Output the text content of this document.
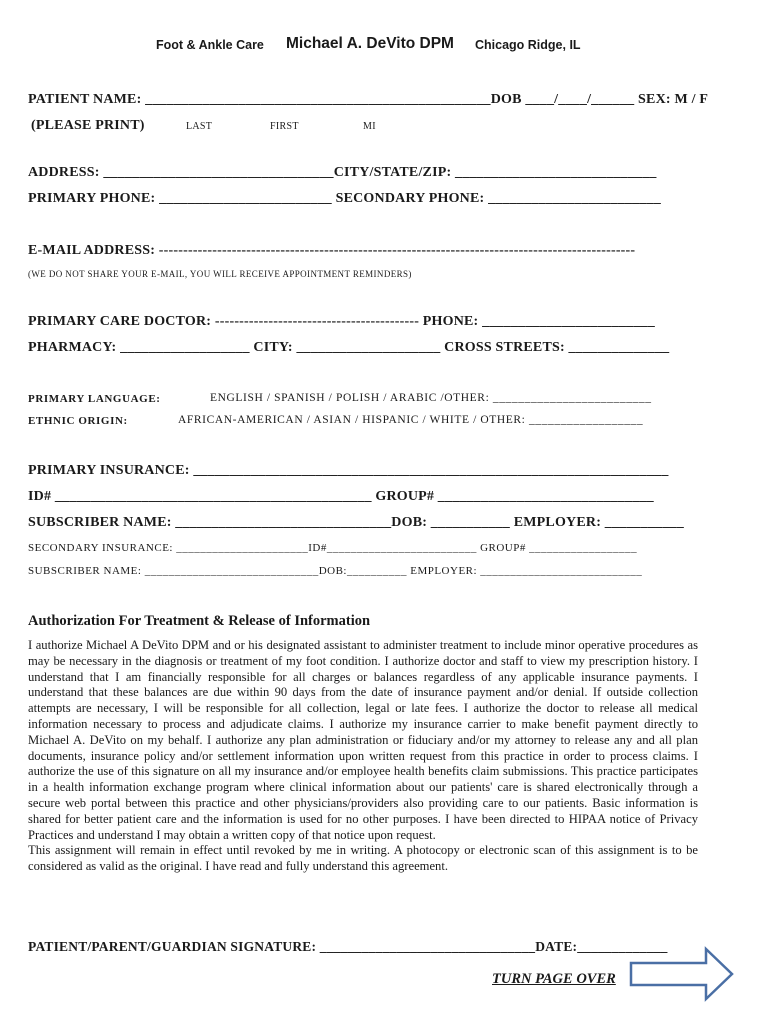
Foot & Ankle Care Michael A. DeVito DPM Chicago Ridge, IL
PATIENT NAME: ________________________________________________DOB ____/____/______ SEX: M / F
(PLEASE PRINT)	LAST	FIRST	MI
ADDRESS: ________________________________CITY/STATE/ZIP: ____________________________
PRIMARY PHONE: ________________________ SECONDARY PHONE: ________________________
E-MAIL ADDRESS: --------------------------------------------------------------------------------------------------
(WE DO NOT SHARE YOUR E-MAIL, YOU WILL RECEIVE APPOINTMENT REMINDERS)
PRIMARY CARE DOCTOR: ------------------------------------------ PHONE: ________________________
PHARMACY: __________________ CITY: ____________________ CROSS STREETS: ______________
PRIMARY LANGUAGE:	ENGLISH / SPANISH / POLISH / ARABIC /OTHER: _________________________
ETHNIC ORIGIN:	AFRICAN-AMERICAN / ASIAN / HISPANIC / WHITE / OTHER: __________________
PRIMARY INSURANCE: __________________________________________________________________
ID# ____________________________________________ GROUP# ______________________________
SUBSCRIBER NAME: ______________________________DOB: ___________ EMPLOYER: ___________
SECONDARY INSURANCE: ______________________ID#_________________________ GROUP# __________________
SUBSCRIBER NAME: _____________________________DOB:__________ EMPLOYER: ___________________________
Authorization For Treatment & Release of Information

I authorize Michael A DeVito DPM and or his designated assistant to administer treatment to include minor operative procedures as may be necessary in the diagnosis or treatment of my foot condition. I authorize doctor and staff to view my prescription history. I understand that I am financially responsible for all charges or balances regardless of any applicable insurance payments. I understand that these balances are due within 90 days from the date of insurance payment and/or denial. If outside collection attempts are necessary, I will be responsible for all collection, legal or late fees. I authorize the doctor to release all medical information necessary to process and adjudicate claims. I authorize my insurance carrier to make benefit payment directly to Michael A. DeVito on my behalf. I authorize any plan administration or fiduciary and/or my attorney to release any and all plan documents, insurance policy and/or settlement information upon written request from this practice in order to process claims. I authorize the use of this signature on all my insurance and/or employee health benefits claim submissions. This practice participates in a health information exchange program where clinical information about our patients' care is shared electronically through a secure web portal between this practice and other physicians/providers also providing care to our patients. Basic information is shared for better patient care and the information is used for no other purposes. I have been directed to HIPAA notice of Privacy Practices and understand I may obtain a written copy of that notice upon request.

This assignment will remain in effect until revoked by me in writing. A photocopy or electronic scan of this assignment is to be considered as valid as the original. I have read and fully understand this agreement.

PATIENT/PARENT/GUARDIAN SIGNATURE: _______________________________DATE:_____________
TURN PAGE OVER
